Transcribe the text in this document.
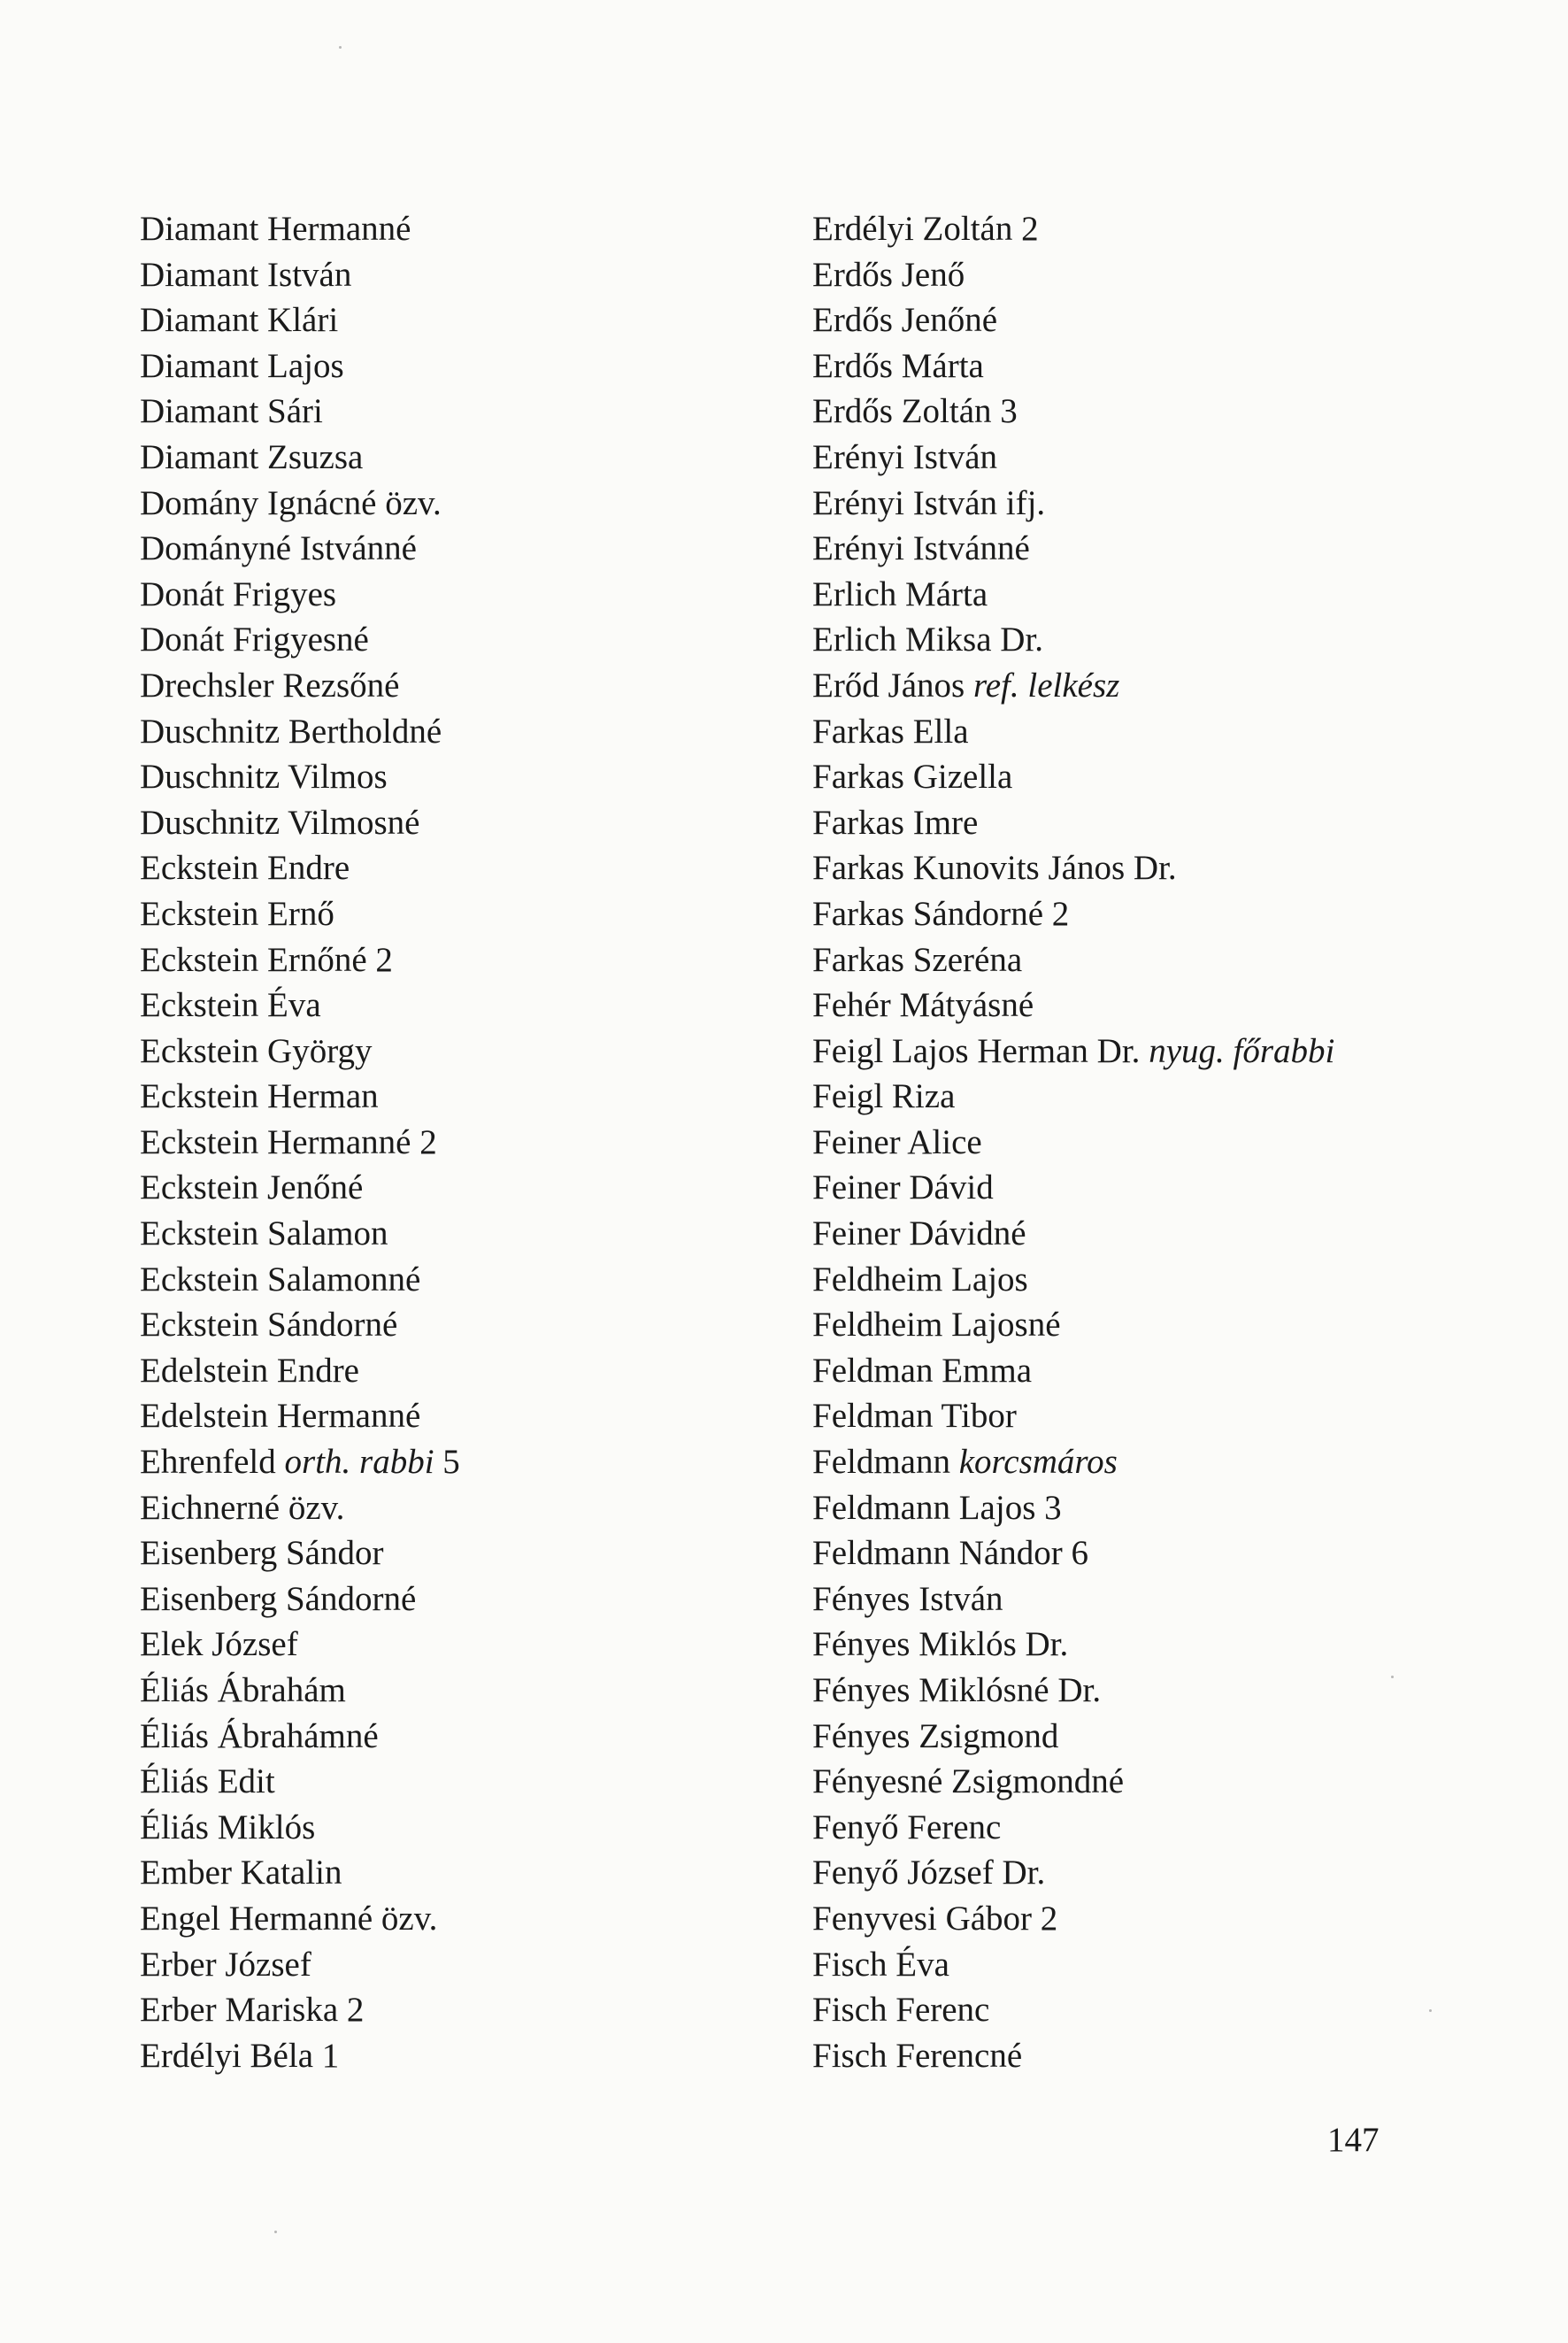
Diamant Hermanné
Diamant István
Diamant Klári
Diamant Lajos
Diamant Sári
Diamant Zsuzsa
Domány Ignácné özv.
Dományné Istvánné
Donát Frigyes
Donát Frigyesné
Drechsler Rezsőné
Duschnitz Bertholdné
Duschnitz Vilmos
Duschnitz Vilmosné
Eckstein Endre
Eckstein Ernő
Eckstein Ernőné 2
Eckstein Éva
Eckstein György
Eckstein Herman
Eckstein Hermanné 2
Eckstein Jenőné
Eckstein Salamon
Eckstein Salamonné
Eckstein Sándorné
Edelstein Endre
Edelstein Hermanné
Ehrenfeld orth. rabbi 5
Eichnerné özv.
Eisenberg Sándor
Eisenberg Sándorné
Elek József
Éliás Ábrahám
Éliás Ábrahámné
Éliás Edit
Éliás Miklós
Ember Katalin
Engel Hermanné özv.
Erber József
Erber Mariska 2
Erdélyi Béla 1
Erdélyi Zoltán 2
Erdős Jenő
Erdős Jenőné
Erdős Márta
Erdős Zoltán 3
Erényi István
Erényi István ifj.
Erényi Istvánné
Erlich Márta
Erlich Miksa Dr.
Erőd János ref. lelkész
Farkas Ella
Farkas Gizella
Farkas Imre
Farkas Kunovits János Dr.
Farkas Sándorné 2
Farkas Szeréna
Fehér Mátyásné
Feigl Lajos Herman Dr. nyug. főrabbi
Feigl Riza
Feiner Alice
Feiner Dávid
Feiner Dávidné
Feldheim Lajos
Feldheim Lajosné
Feldman Emma
Feldman Tibor
Feldmann korcsmáros
Feldmann Lajos 3
Feldmann Nándor 6
Fényes István
Fényes Miklós Dr.
Fényes Miklósné Dr.
Fényes Zsigmond
Fényesné Zsigmondné
Fenyő Ferenc
Fenyő József Dr.
Fenyvesi Gábor 2
Fisch Éva
Fisch Ferenc
Fisch Ferencné
147
